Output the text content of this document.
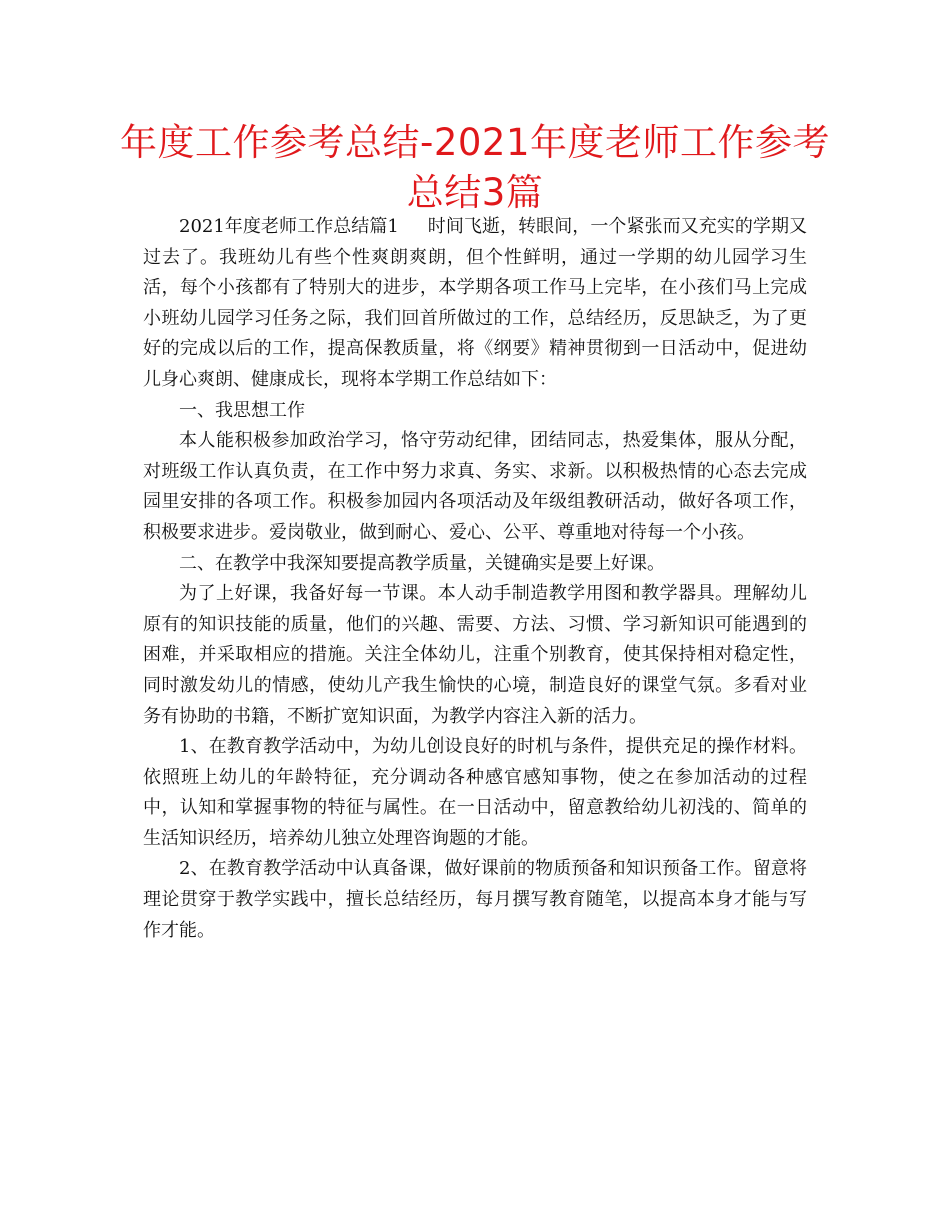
年度工作参考总结-2021年度老师工作参考总结3篇

2021年度老师工作总结篇1 时间飞逝，转眼间，一个紧张而又充实的学期又过去了。我班幼儿有些个性爽朗爽朗，但个性鲜明，通过一学期的幼儿园学习生活，每个小孩都有了特别大的进步，本学期各项工作马上完毕，在小孩们马上完成小班幼儿园学习任务之际，我们回首所做过的工作，总结经历，反思缺乏，为了更好的完成以后的工作，提高保教质量，将《纲要》精神贯彻到一日活动中，促进幼儿身心爽朗、健康成长，现将本学期工作总结如下：

一、我思想工作

本人能积极参加政治学习，恪守劳动纪律，团结同志，热爱集体，服从分配，对班级工作认真负责，在工作中努力求真、务实、求新。以积极热情的心态去完成园里安排的各项工作。积极参加园内各项活动及年级组教研活动，做好各项工作，积极要求进步。爱岗敬业，做到耐心、爱心、公平、尊重地对待每一个小孩。

二、在教学中我深知要提高教学质量，关键确实是要上好课。

为了上好课，我备好每一节课。本人动手制造教学用图和教学器具。理解幼儿原有的知识技能的质量，他们的兴趣、需要、方法、习惯、学习新知识可能遇到的困难，并采取相应的措施。关注全体幼儿，注重个别教育，使其保持相对稳定性，同时激发幼儿的情感，使幼儿产我生愉快的心境，制造良好的课堂气氛。多看对业务有协助的书籍，不断扩宽知识面，为教学内容注入新的活力。

1、在教育教学活动中，为幼儿创设良好的时机与条件，提供充足的操作材料。依照班上幼儿的年龄特征，充分调动各种感官感知事物，使之在参加活动的过程中，认知和掌握事物的特征与属性。在一日活动中，留意教给幼儿初浅的、简单的生活知识经历，培养幼儿独立处理咨询题的才能。

2、在教育教学活动中认真备课，做好课前的物质预备和知识预备工作。留意将理论贯穿于教学实践中，擅长总结经历，每月撰写教育随笔，以提高本身才能与写作才能。
